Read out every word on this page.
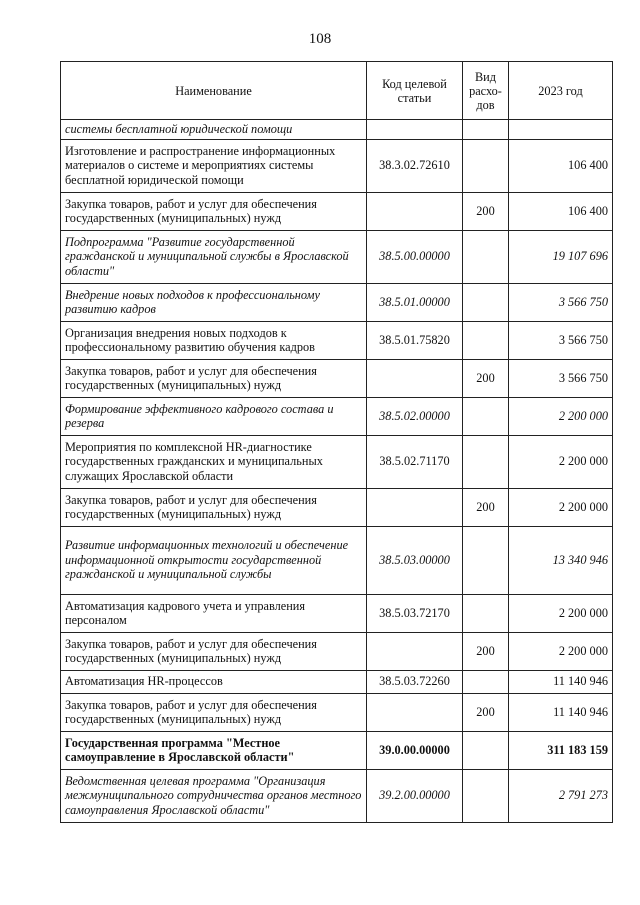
108
Наименование	Код целевой статьи	Вид расхо-дов	2023 год
системы бесплатной юридической помощи			
Изготовление и распространение информационных материалов о системе и мероприятиях системы бесплатной юридической помощи	38.3.02.72610		106 400
Закупка товаров, работ и услуг для обеспечения государственных (муниципальных) нужд		200	106 400
Подпрограмма "Развитие государственной гражданской и муниципальной службы в Ярославской области"	38.5.00.00000		19 107 696
Внедрение новых подходов к профессиональному развитию кадров	38.5.01.00000		3 566 750
Организация внедрения новых подходов к профессиональному развитию обучения кадров	38.5.01.75820		3 566 750
Закупка товаров, работ и услуг для обеспечения государственных (муниципальных) нужд		200	3 566 750
Формирование эффективного кадрового состава и резерва	38.5.02.00000		2 200 000
Мероприятия по комплексной HR-диагностике государственных гражданских и муниципальных служащих Ярославской области	38.5.02.71170		2 200 000
Закупка товаров, работ и услуг для обеспечения государственных (муниципальных) нужд		200	2 200 000
Развитие информационных технологий и обеспечение информационной открытости государственной гражданской и муниципальной службы	38.5.03.00000		13 340 946
Автоматизация кадрового учета и управления персоналом	38.5.03.72170		2 200 000
Закупка товаров, работ и услуг для обеспечения государственных (муниципальных) нужд		200	2 200 000
Автоматизация HR-процессов	38.5.03.72260		11 140 946
Закупка товаров, работ и услуг для обеспечения государственных (муниципальных) нужд		200	11 140 946
Государственная программа "Местное самоуправление в Ярославской области"	39.0.00.00000		311 183 159
Ведомственная целевая программа "Организация межмуниципального сотрудничества органов местного самоуправления Ярославской области"	39.2.00.00000		2 791 273
